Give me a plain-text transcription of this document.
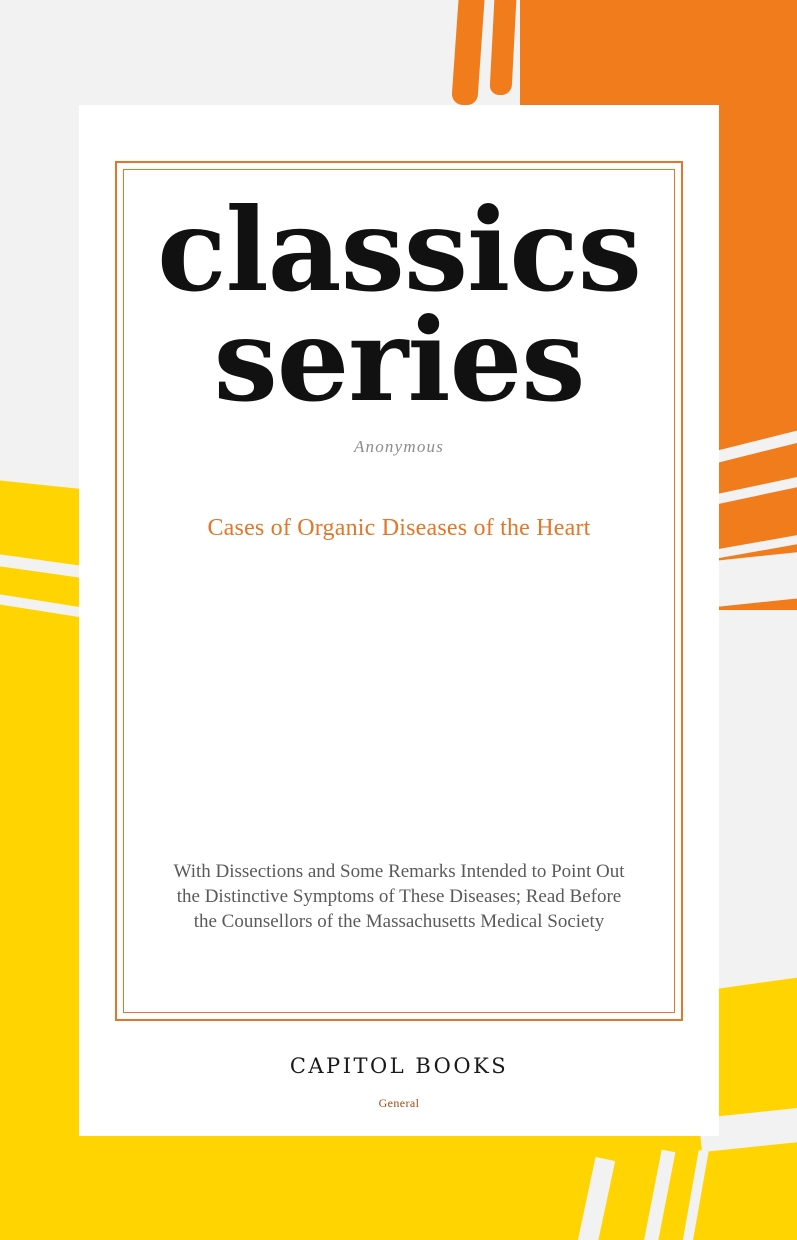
classics
series
Anonymous
Cases of Organic Diseases of the Heart
With Dissections and Some Remarks Intended to Point Out the Distinctive Symptoms of These Diseases; Read Before the Counsellors of the Massachusetts Medical Society
CAPITOL BOOKS
General
